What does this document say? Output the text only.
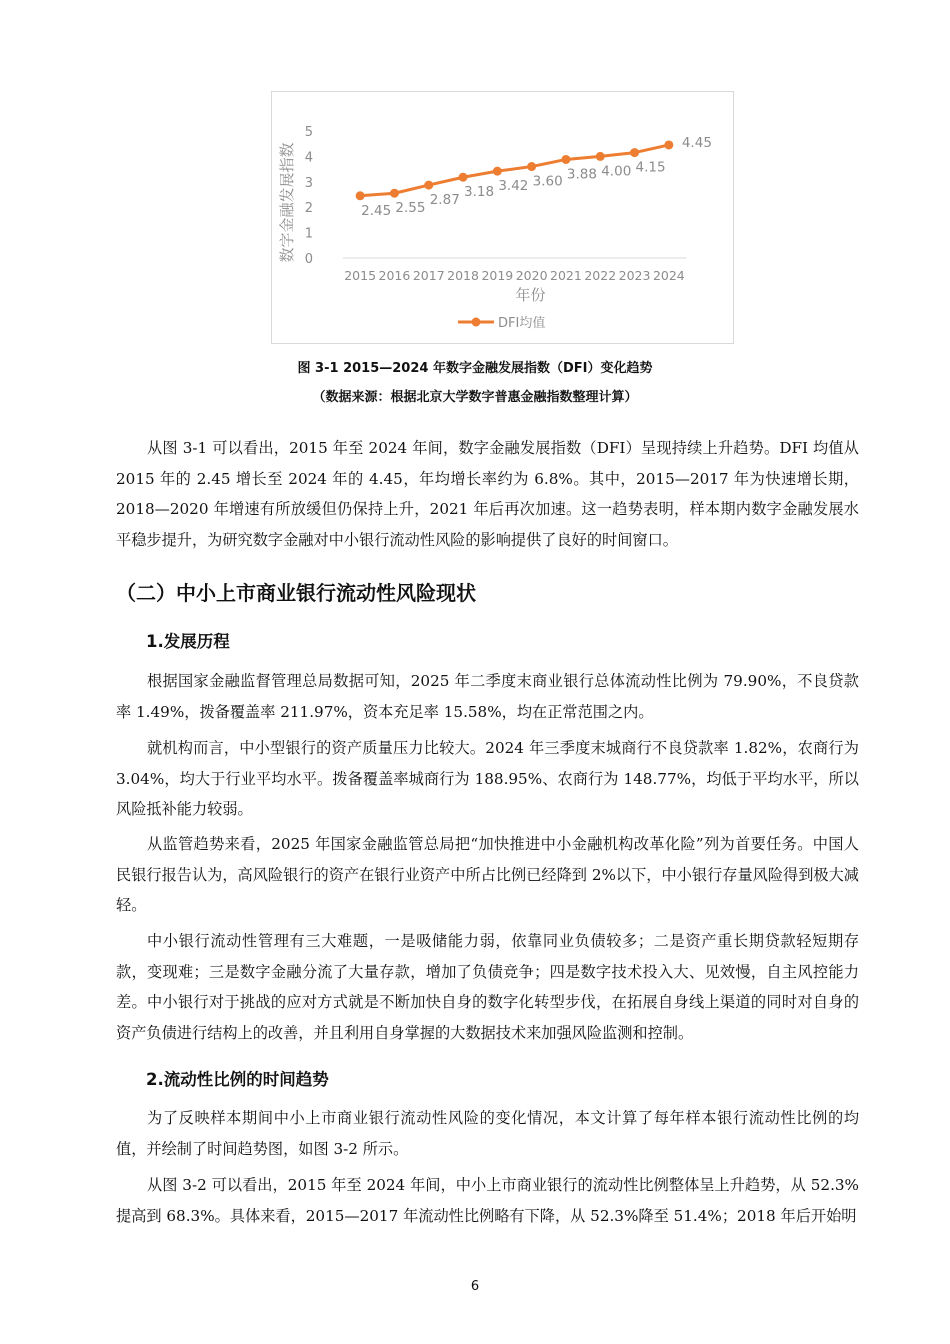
0
1
2
3
4
5
2015 2016 2017 2018 2019 2020 2021 2022 2023 2024
年份
数字金融发展指数	2.45 2.55
2.87 3.18 3.42 3.60 3.88 4.00 4.15
4.45
DFI均值
图 3-1 2015—2024 年数字金融发展指数（DFI）变化趋势
（数据来源：根据北京大学数字普惠金融指数整理计算）

从图 3-1 可以看出，2015 年至 2024 年间，数字金融发展指数（DFI）呈现持续上升趋势。DFI 均值从 2015 年的 2.45 增长至 2024 年的 4.45，年均增长率约为 6.8%。其中，2015—2017 年为快速增长期，2018—2020 年增速有所放缓但仍保持上升，2021 年后再次加速。这一趋势表明，样本期内数字金融发展水平稳步提升，为研究数字金融对中小银行流动性风险的影响提供了良好的时间窗口。

（二）中小上市商业银行流动性风险现状
1.发展历程

根据国家金融监督管理总局数据可知，2025 年二季度末商业银行总体流动性比例为 79.90%，不良贷款率 1.49%，拨备覆盖率 211.97%，资本充足率 15.58%，均在正常范围之内。

就机构而言，中小型银行的资产质量压力比较大。2024 年三季度末城商行不良贷款率 1.82%，农商行为 3.04%，均大于行业平均水平。拨备覆盖率城商行为 188.95%、农商行为 148.77%，均低于平均水平，所以风险抵补能力较弱。

从监管趋势来看，2025 年国家金融监管总局把“加快推进中小金融机构改革化险”列为首要任务。中国人民银行报告认为，高风险银行的资产在银行业资产中所占比例已经降到 2%以下，中小银行存量风险得到极大减轻。

中小银行流动性管理有三大难题，一是吸储能力弱，依靠同业负债较多；二是资产重长期贷款轻短期存款，变现难；三是数字金融分流了大量存款，增加了负债竞争；四是数字技术投入大、见效慢，自主风控能力差。中小银行对于挑战的应对方式就是不断加快自身的数字化转型步伐，在拓展自身线上渠道的同时对自身的资产负债进行结构上的改善，并且利用自身掌握的大数据技术来加强风险监测和控制。

2.流动性比例的时间趋势

为了反映样本期间中小上市商业银行流动性风险的变化情况，本文计算了每年样本银行流动性比例的均值，并绘制了时间趋势图，如图 3-2 所示。

从图 3-2 可以看出，2015 年至 2024 年间，中小上市商业银行的流动性比例整体呈上升趋势，从 52.3%提高到 68.3%。具体来看，2015—2017 年流动性比例略有下降，从 52.3%降至 51.4%；2018 年后开始明

6
